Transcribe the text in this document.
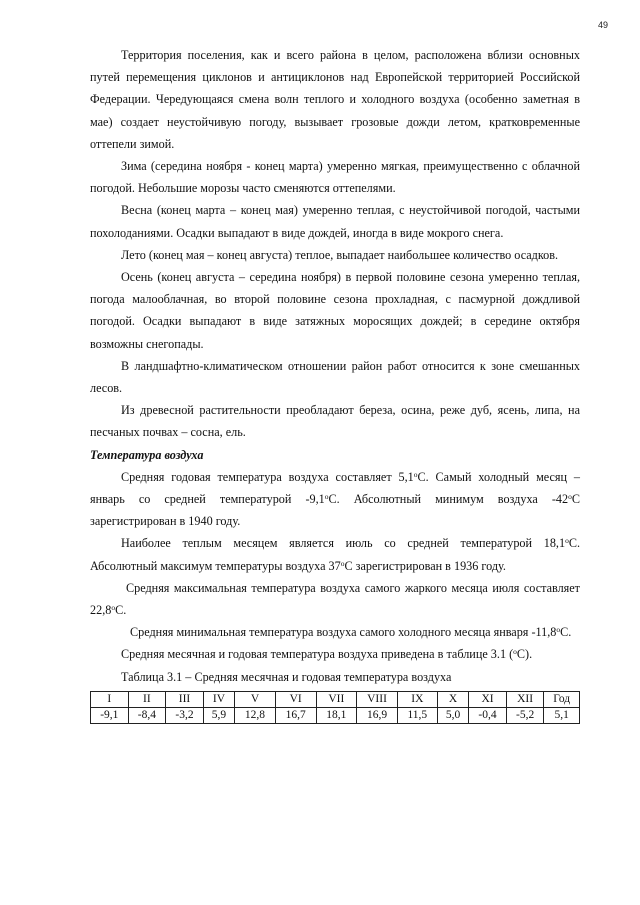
49

Территория поселения, как и всего района в целом, расположена вблизи основных путей перемещения циклонов и антициклонов над Европейской территорией Российской Федерации. Чередующаяся смена волн теплого и холодного воздуха (особенно заметная в мае) создает неустойчивую погоду, вызывает грозовые дожди летом, кратковременные оттепели зимой.

Зима (середина ноября - конец марта) умеренно мягкая, преимущественно с облачной погодой. Небольшие морозы часто сменяются оттепелями.

Весна (конец марта – конец мая) умеренно теплая, с неустойчивой погодой, частыми похолоданиями. Осадки выпадают в виде дождей, иногда в виде мокрого снега.

Лето (конец мая – конец августа) теплое, выпадает наибольшее количество осадков.

Осень (конец августа – середина ноября) в первой половине сезона умеренно теплая, погода малооблачная, во второй половине сезона прохладная, с пасмурной дождливой погодой. Осадки выпадают в виде затяжных моросящих дождей; в середине октября возможны снегопады.

В ландшафтно-климатическом отношении район работ относится к зоне смешанных лесов.

Из древесной растительности преобладают береза, осина, реже дуб, ясень, липа, на песчаных почвах – сосна, ель.

Температура воздуха

Средняя годовая температура воздуха составляет 5,1$^o$С. Самый холодный месяц – январь со средней температурой -9,1$^o$С. Абсолютный минимум воздуха -42$^o$С зарегистрирован в 1940 году.

Наиболее теплым месяцем является июль со средней температурой 18,1$^o$С. Абсолютный максимум температуры воздуха 37$^o$С зарегистрирован в 1936 году.

Средняя максимальная температура воздуха самого жаркого месяца июля составляет 22,8$^o$С.

Средняя минимальная температура воздуха самого холодного месяца января -11,8$^o$С.

Средняя месячная и годовая температура воздуха приведена в таблице 3.1 ($^o$С).

Таблица 3.1 – Средняя месячная и годовая температура воздуха

I	II	III	IV	V	VI	VII	VIII	IX	X	XI	XII	Год
-9,1	-8,4	-3,2	5,9	12,8	16,7	18,1	16,9	11,5	5,0	-0,4	-5,2	5,1
